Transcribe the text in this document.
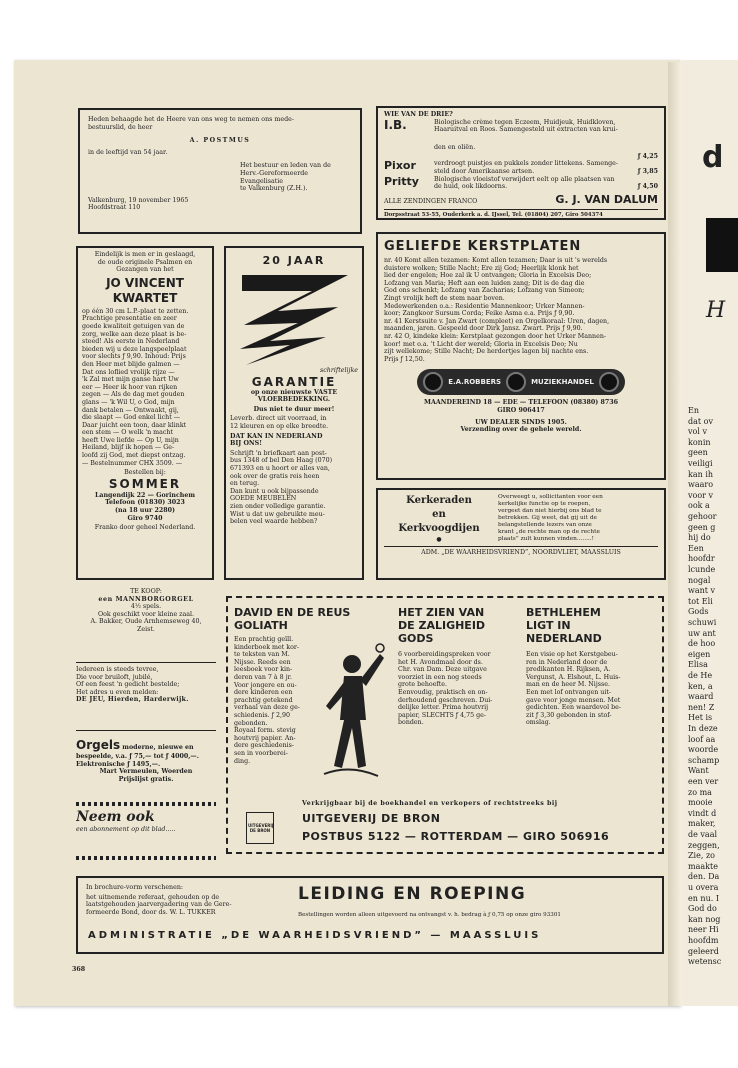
Heden behaagde het de Heere van ons weg te nemen ons mede-

bestuurslid, de heer

A. POSTMUS

in de leeftijd van 54 jaar.

Het bestuur en leden van de

Herv.-Gereformeerde Evangelisatie

te Valkenburg (Z.H.).

Valkenburg, 19 november 1965

Hoofdstraat 110

WIE VAN DE DRIE?

I.B.	Biologische crème tegen Eczeem, Huidjeuk, Huidkloven,

Haaruitval en Roos. Samengesteld uit extracten van krui-

den en oliën.

ƒ 4,25

Pixor	verdroogt puistjes en pukkels zonder littekens. Samenge-

steld door Amerikaanse artsen.	ƒ 3,85

Pritty	Biologische vloeistof verwijdert eelt op alle plaatsen van

de huid, ook likdoorns.	ƒ 4,50

ALLE ZENDINGEN FRANCO	G. J. VAN DALUM

Dorpsstraat 53-55, Ouderkerk a. d. IJssel, Tel. (01804) 207, Giro 504374

Eindelijk is men er in geslaagd,

de oude originele Psalmen en

Gezangen van het

JO VINCENT
KWARTET

op één 30 cm L.P.-plaat te zetten.

Prachtige presentatie en zeer

goede kwaliteit getuigen van de

zorg, welke aan deze plaat is be-

steed! Als eerste in Nederland

bieden wij u deze langspeelplaat

voor slechts ƒ 9,90. Inhoud: Prijs

den Heer met blijde galmen —

Dat ons loflied vrolijk rijze —

'k Zal met mijn ganse hart Uw

eer — Heer ik hoor van rijken

zegen — Als de dag met gouden

glans — 'k Wil U, o God, mijn

dank betalen — Ontwaakt, gij,

die slaapt — God enkel licht —

Daar juicht een toon, daar klinkt

een stem — O welk 'n macht

heeft Uwe liefde — Op U, mijn

Heiland, blijf ik hopen — Ge-

loofd zij God, met diepst ontzag.

— Bestelnummer CHX 3509. —

Bestellen bij:

SOMMER

Langendijk 22 — Gorinchem

Telefoon (01830) 3023

(na 18 uur 2280)

Giro 9740

Franko door geheel Nederland.

20 JAAR

schriftelijke

GARANTIE

op onze nieuwste VASTE

VLOERBEDEKKING.

Dus niet te duur meer!

Leverb. direct uit voorraad, in

12 kleuren en op elke breedte.

DAT KAN IN NEDERLAND

BIJ ONS!

Schrijft 'n briefkaart aan post-

bus 1348 of bel Den Haag (070)

671393 en u hoort er alles van,

ook over de gratis reis heen

en terug.

Dan kunt u ook bijpassende

GOEDE MEUBELEN

zien onder volledige garantie.

Wist u dat uw gebruikte meu-

belen veel waarde hebben?

GELIEFDE KERSTPLATEN

nr. 40 Komt allen tezamen: Komt allen tezamen; Daar is uit 's werelds

duistere wolken; Stille Nacht; Ere zij God; Heerlijk klonk het

lied der engelen; Hoe zal ik U ontvangen; Gloria in Excelsis Deo;

Lofzang van Maria; Heft aan een luiden zang; Dit is de dag die

God ons schenkt; Lofzang van Zacharias; Lofzang van Simeon;

Zingt vrolijk heft de stem naar boven.

Medewerkenden o.a.: Residentie Mannenkoor; Urker Mannen-

koor; Zangkoor Sursum Corda; Feike Asma e.a. Prijs ƒ 9,90.

nr. 41 Kerstsuite v. Jan Zwart (compleet) en Orgelkoraal: Uren, dagen,

maanden, jaren. Gespeeld door Dirk Jansz. Zwart. Prijs ƒ 9,90.

nr. 42 O, kindeke klein: Kerstplaat gezongen door het Urker Mannen-

koor! met o.a. 't Licht der wereld; Gloria in Excelsis Deo; Nu

zijt wellekome; Stille Nacht; De herdertjes lagen bij nachte ens.

Prijs ƒ 12,50.

E.A.ROBBERS	MUZIEKHANDEL

MAANDEREIND 18 — EDE — TELEFOON (08380) 8736

GIRO 906417

UW DEALER SINDS 1905.

Verzending over de gehele wereld.

Kerkeraden
en
Kerkvoogdijen
●

Overweegt u, sollicitanten voor een

kerkelijke functie op te roepen,

vergeet dan niet hierbij ons blad te

betrekken. Gij weet, dat gij uit de

belangstellende lezers van onze

krant „de rechte man op de rechte

plaats” zult kunnen vinden........!

ADM. „DE WAARHEIDSVRIEND”, NOORDVLIET, MAASSLUIS

TE KOOP:

een MANNBORGORGEL

4½ spels.

Ook geschikt voor kleine zaal.

A. Bakker, Oude Arnhemseweg 40,

Zeist.

Iedereen is steeds tevree,

Die voor bruiloft, jubilé,

Of een feest 'n gedicht bestelde;

Het adres u even melden:

DE JEU, Hierden, Harderwijk.

Orgels moderne, nieuwe en

bespeelde, v.a. ƒ 75,— tot ƒ 4000,—.

Elektronische ƒ 1495,—.

Mart Vermeulen, Woerden

Prijslijst gratis.

Neem ook

een abonnement op dit blad.....

DAVID EN DE REUS
GOLIATH

Een prachtig geïll.

kinderboek met kor-

te teksten van M.

Nijsse. Reeds een

leesboek voor kin-

deren van 7 à 8 jr.

Voor jongere en ou-

dere kinderen een

prachtig getekend

verhaal van deze ge-

schiedenis. ƒ 2,90

gebonden.

Royaal form. stevig

houtvrij papier. An-

dere geschiedenis-

sen in voorberei-

ding.

HET ZIEN VAN
DE ZALIGHEID
GODS

6 voorbereidingspreken voor

het H. Avondmaal door ds.

Chr. van Dam. Deze uitgave

voorziet in een nog steeds

grote behoefte.

Eenvoudig, praktisch en on-

derhoudend geschreven. Dui-

delijke letter. Prima houtvrij

papier, SLECHTS ƒ 4,75 ge-

bonden.

BETHLEHEM
LIGT IN
NEDERLAND

Een visie op het Kerstgebeu-

ren in Nederland door de

predikanten H. Rijksen, A.

Vergunst, A. Elshout, L. Huis-

man en de heer M. Nijsse.

Een met lof ontvangen uit-

gave voor jonge mensen. Met

gedichten. Een waardevol be-

zit ƒ 3,30 gebonden in stof-

omslag.

Verkrijgbaar bij de boekhandel en verkopers of rechtstreeks bij

UITGEVERIJ DE BRON
UITGEVERIJ DE BRON
POSTBUS 5122 — ROTTERDAM — GIRO 506916

In brochure-vorm verschenen:

het uitnemende referaat, gehouden op de

laatstgehouden jaarvergadering van de Gere-

formeerde Bond, door ds. W. L. TUKKER

LEIDING EN ROEPING

Bestellingen worden alleen uitgevoerd na ontvangst v. h. bedrag à ƒ 0,75 op onze giro 93301

ADMINISTRATIE „DE WAARHEIDSVRIEND” — MAASSLUIS
368
d
H
En
dat ov
vol v
konin
geen
veiligi
kan ih
waaro
voor v
ook a
gehoor
geen g
hij do
Een
hoofdr
lcunde
nogal
want v
tot Eli
Gods
schuwi
uw ant
de hoo
eigen
Elisa
de He
ken, a
waard
nen! Z
Het is
In deze
loof aa
woorde
schamp
Want
een ver
zo ma
mooie
vindt d
maker,
de vaal
zeggen,
Zie, zo
maakte
den. Da
u overa
en nu. I
God do
kan nog
neer Hi
hoofdm
geleerd
wetensc
